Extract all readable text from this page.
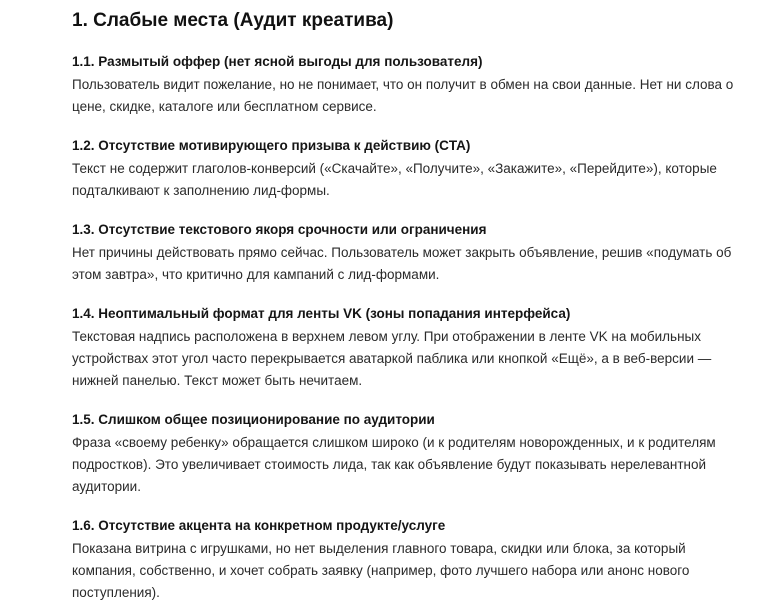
1. Слабые места (Аудит креатива)
1.1. Размытый оффер (нет ясной выгоды для пользователя)

Пользователь видит пожелание, но не понимает, что он получит в обмен на свои данные. Нет ни слова о цене, скидке, каталоге или бесплатном сервисе.

1.2. Отсутствие мотивирующего призыва к действию (CTA)

Текст не содержит глаголов-конверсий («Скачайте», «Получите», «Закажите», «Перейдите»), которые подталкивают к заполнению лид-формы.

1.3. Отсутствие текстового якоря срочности или ограничения

Нет причины действовать прямо сейчас. Пользователь может закрыть объявление, решив «подумать об этом завтра», что критично для кампаний с лид-формами.

1.4. Неоптимальный формат для ленты VK (зоны попадания интерфейса)

Текстовая надпись расположена в верхнем левом углу. При отображении в ленте VK на мобильных устройствах этот угол часто перекрывается аватаркой паблика или кнопкой «Ещё», а в веб-версии — нижней панелью. Текст может быть нечитаем.

1.5. Слишком общее позиционирование по аудитории

Фраза «своему ребенку» обращается слишком широко (и к родителям новорожденных, и к родителям подростков). Это увеличивает стоимость лида, так как объявление будут показывать нерелевантной аудитории.

1.6. Отсутствие акцента на конкретном продукте/услуге

Показана витрина с игрушками, но нет выделения главного товара, скидки или блока, за который компания, собственно, и хочет собрать заявку (например, фото лучшего набора или анонс нового поступления).
